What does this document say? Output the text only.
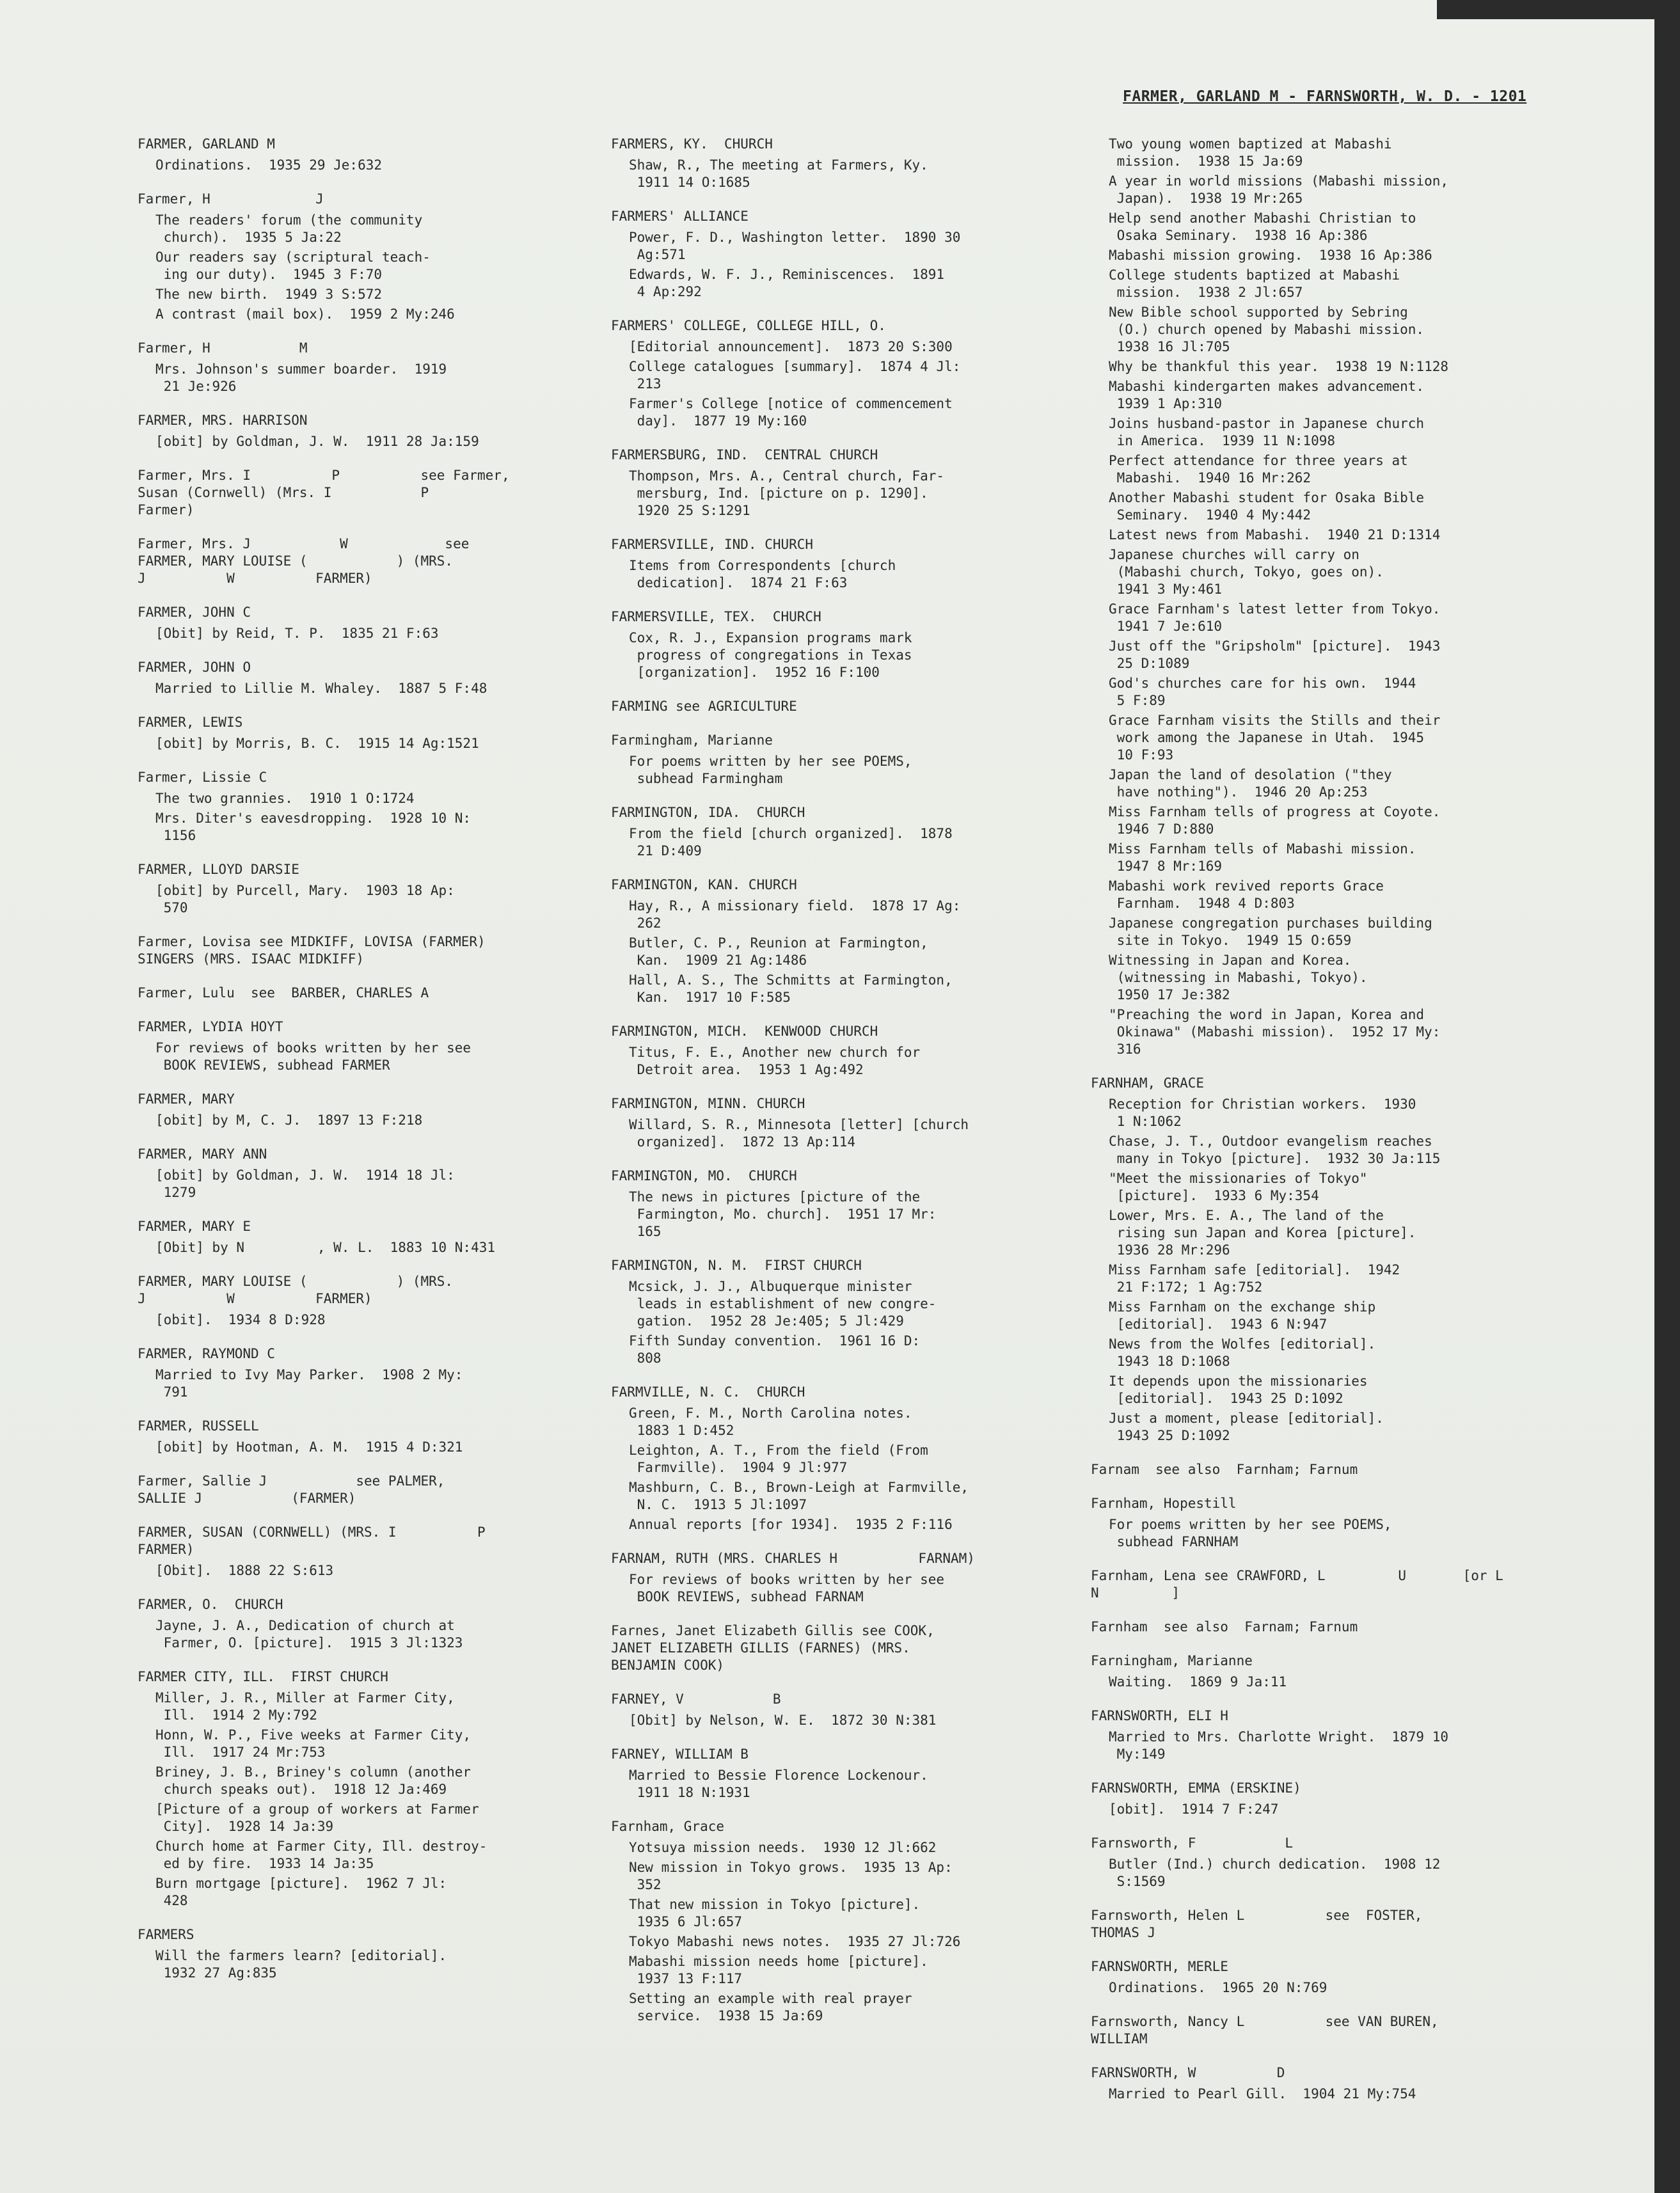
FARMER, GARLAND M - FARNSWORTH, W. D. - 1201
FARMER, GARLAND M
Ordinations.  1935 29 Je:632
Farmer, H             J
The readers' forum (the community
church).  1935 5 Ja:22
Our readers say (scriptural teach-
ing our duty).  1945 3 F:70
The new birth.  1949 3 S:572
A contrast (mail box).  1959 2 My:246
Farmer, H           M
Mrs. Johnson's summer boarder.  1919
21 Je:926
FARMER, MRS. HARRISON
[obit] by Goldman, J. W.  1911 28 Ja:159
Farmer, Mrs. I          P          see Farmer,
Susan (Cornwell) (Mrs. I           P
Farmer)
Farmer, Mrs. J           W            see
FARMER, MARY LOUISE (           ) (MRS.
J          W          FARMER)
FARMER, JOHN C
[Obit] by Reid, T. P.  1835 21 F:63
FARMER, JOHN O
Married to Lillie M. Whaley.  1887 5 F:48
FARMER, LEWIS
[obit] by Morris, B. C.  1915 14 Ag:1521
Farmer, Lissie C
The two grannies.  1910 1 O:1724
Mrs. Diter's eavesdropping.  1928 10 N:
1156
FARMER, LLOYD DARSIE
[obit] by Purcell, Mary.  1903 18 Ap:
570
Farmer, Lovisa see MIDKIFF, LOVISA (FARMER)
SINGERS (MRS. ISAAC MIDKIFF)
Farmer, Lulu  see  BARBER, CHARLES A
FARMER, LYDIA HOYT
For reviews of books written by her see
BOOK REVIEWS, subhead FARMER
FARMER, MARY
[obit] by M, C. J.  1897 13 F:218
FARMER, MARY ANN
[obit] by Goldman, J. W.  1914 18 Jl:
1279
FARMER, MARY E
[Obit] by N         , W. L.  1883 10 N:431
FARMER, MARY LOUISE (           ) (MRS.
J          W          FARMER)
[obit].  1934 8 D:928
FARMER, RAYMOND C
Married to Ivy May Parker.  1908 2 My:
791
FARMER, RUSSELL
[obit] by Hootman, A. M.  1915 4 D:321
Farmer, Sallie J           see PALMER,
SALLIE J           (FARMER)
FARMER, SUSAN (CORNWELL) (MRS. I          P
FARMER)
[Obit].  1888 22 S:613
FARMER, O.  CHURCH
Jayne, J. A., Dedication of church at
Farmer, O. [picture].  1915 3 Jl:1323
FARMER CITY, ILL.  FIRST CHURCH
Miller, J. R., Miller at Farmer City,
Ill.  1914 2 My:792
Honn, W. P., Five weeks at Farmer City,
Ill.  1917 24 Mr:753
Briney, J. B., Briney's column (another
church speaks out).  1918 12 Ja:469
[Picture of a group of workers at Farmer
City].  1928 14 Ja:39
Church home at Farmer City, Ill. destroy-
ed by fire.  1933 14 Ja:35
Burn mortgage [picture].  1962 7 Jl:
428
FARMERS
Will the farmers learn? [editorial].
1932 27 Ag:835
FARMERS, KY.  CHURCH
Shaw, R., The meeting at Farmers, Ky.
1911 14 O:1685
FARMERS' ALLIANCE
Power, F. D., Washington letter.  1890 30
Ag:571
Edwards, W. F. J., Reminiscences.  1891
4 Ap:292
FARMERS' COLLEGE, COLLEGE HILL, O.
[Editorial announcement].  1873 20 S:300
College catalogues [summary].  1874 4 Jl:
213
Farmer's College [notice of commencement
day].  1877 19 My:160
FARMERSBURG, IND.  CENTRAL CHURCH
Thompson, Mrs. A., Central church, Far-
mersburg, Ind. [picture on p. 1290].
1920 25 S:1291
FARMERSVILLE, IND. CHURCH
Items from Correspondents [church
dedication].  1874 21 F:63
FARMERSVILLE, TEX.  CHURCH
Cox, R. J., Expansion programs mark
progress of congregations in Texas
[organization].  1952 16 F:100
FARMING see AGRICULTURE
Farmingham, Marianne
For poems written by her see POEMS,
subhead Farmingham
FARMINGTON, IDA.  CHURCH
From the field [church organized].  1878
21 D:409
FARMINGTON, KAN. CHURCH
Hay, R., A missionary field.  1878 17 Ag:
262
Butler, C. P., Reunion at Farmington,
Kan.  1909 21 Ag:1486
Hall, A. S., The Schmitts at Farmington,
Kan.  1917 10 F:585
FARMINGTON, MICH.  KENWOOD CHURCH
Titus, F. E., Another new church for
Detroit area.  1953 1 Ag:492
FARMINGTON, MINN. CHURCH
Willard, S. R., Minnesota [letter] [church
organized].  1872 13 Ap:114
FARMINGTON, MO.  CHURCH
The news in pictures [picture of the
Farmington, Mo. church].  1951 17 Mr:
165
FARMINGTON, N. M.  FIRST CHURCH
Mcsick, J. J., Albuquerque minister
leads in establishment of new congre-
gation.  1952 28 Je:405; 5 Jl:429
Fifth Sunday convention.  1961 16 D:
808
FARMVILLE, N. C.  CHURCH
Green, F. M., North Carolina notes.
1883 1 D:452
Leighton, A. T., From the field (From
Farmville).  1904 9 Jl:977
Mashburn, C. B., Brown-Leigh at Farmville,
N. C.  1913 5 Jl:1097
Annual reports [for 1934].  1935 2 F:116
FARNAM, RUTH (MRS. CHARLES H          FARNAM)
For reviews of books written by her see
BOOK REVIEWS, subhead FARNAM
Farnes, Janet Elizabeth Gillis see COOK,
JANET ELIZABETH GILLIS (FARNES) (MRS.
BENJAMIN COOK)
FARNEY, V           B
[Obit] by Nelson, W. E.  1872 30 N:381
FARNEY, WILLIAM B
Married to Bessie Florence Lockenour.
1911 18 N:1931
Farnham, Grace
Yotsuya mission needs.  1930 12 Jl:662
New mission in Tokyo grows.  1935 13 Ap:
352
That new mission in Tokyo [picture].
1935 6 Jl:657
Tokyo Mabashi news notes.  1935 27 Jl:726
Mabashi mission needs home [picture].
1937 13 F:117
Setting an example with real prayer
service.  1938 15 Ja:69
Two young women baptized at Mabashi
mission.  1938 15 Ja:69
A year in world missions (Mabashi mission,
Japan).  1938 19 Mr:265
Help send another Mabashi Christian to
Osaka Seminary.  1938 16 Ap:386
Mabashi mission growing.  1938 16 Ap:386
College students baptized at Mabashi
mission.  1938 2 Jl:657
New Bible school supported by Sebring
(O.) church opened by Mabashi mission.
1938 16 Jl:705
Why be thankful this year.  1938 19 N:1128
Mabashi kindergarten makes advancement.
1939 1 Ap:310
Joins husband-pastor in Japanese church
in America.  1939 11 N:1098
Perfect attendance for three years at
Mabashi.  1940 16 Mr:262
Another Mabashi student for Osaka Bible
Seminary.  1940 4 My:442
Latest news from Mabashi.  1940 21 D:1314
Japanese churches will carry on
(Mabashi church, Tokyo, goes on).
1941 3 My:461
Grace Farnham's latest letter from Tokyo.
1941 7 Je:610
Just off the "Gripsholm" [picture].  1943
25 D:1089
God's churches care for his own.  1944
5 F:89
Grace Farnham visits the Stills and their
work among the Japanese in Utah.  1945
10 F:93
Japan the land of desolation ("they
have nothing").  1946 20 Ap:253
Miss Farnham tells of progress at Coyote.
1946 7 D:880
Miss Farnham tells of Mabashi mission.
1947 8 Mr:169
Mabashi work revived reports Grace
Farnham.  1948 4 D:803
Japanese congregation purchases building
site in Tokyo.  1949 15 O:659
Witnessing in Japan and Korea.
(witnessing in Mabashi, Tokyo).
1950 17 Je:382
"Preaching the word in Japan, Korea and
Okinawa" (Mabashi mission).  1952 17 My:
316
FARNHAM, GRACE
Reception for Christian workers.  1930
1 N:1062
Chase, J. T., Outdoor evangelism reaches
many in Tokyo [picture].  1932 30 Ja:115
"Meet the missionaries of Tokyo"
[picture].  1933 6 My:354
Lower, Mrs. E. A., The land of the
rising sun Japan and Korea [picture].
1936 28 Mr:296
Miss Farnham safe [editorial].  1942
21 F:172; 1 Ag:752
Miss Farnham on the exchange ship
[editorial].  1943 6 N:947
News from the Wolfes [editorial].
1943 18 D:1068
It depends upon the missionaries
[editorial].  1943 25 D:1092
Just a moment, please [editorial].
1943 25 D:1092
Farnam  see also  Farnham; Farnum
Farnham, Hopestill
For poems written by her see POEMS,
subhead FARNHAM
Farnham, Lena see CRAWFORD, L         U       [or L
N         ]
Farnham  see also  Farnam; Farnum
Farningham, Marianne
Waiting.  1869 9 Ja:11
FARNSWORTH, ELI H
Married to Mrs. Charlotte Wright.  1879 10
My:149
FARNSWORTH, EMMA (ERSKINE)
[obit].  1914 7 F:247
Farnsworth, F           L
Butler (Ind.) church dedication.  1908 12
S:1569
Farnsworth, Helen L          see  FOSTER,
THOMAS J
FARNSWORTH, MERLE
Ordinations.  1965 20 N:769
Farnsworth, Nancy L          see VAN BUREN,
WILLIAM
FARNSWORTH, W          D
Married to Pearl Gill.  1904 21 My:754
